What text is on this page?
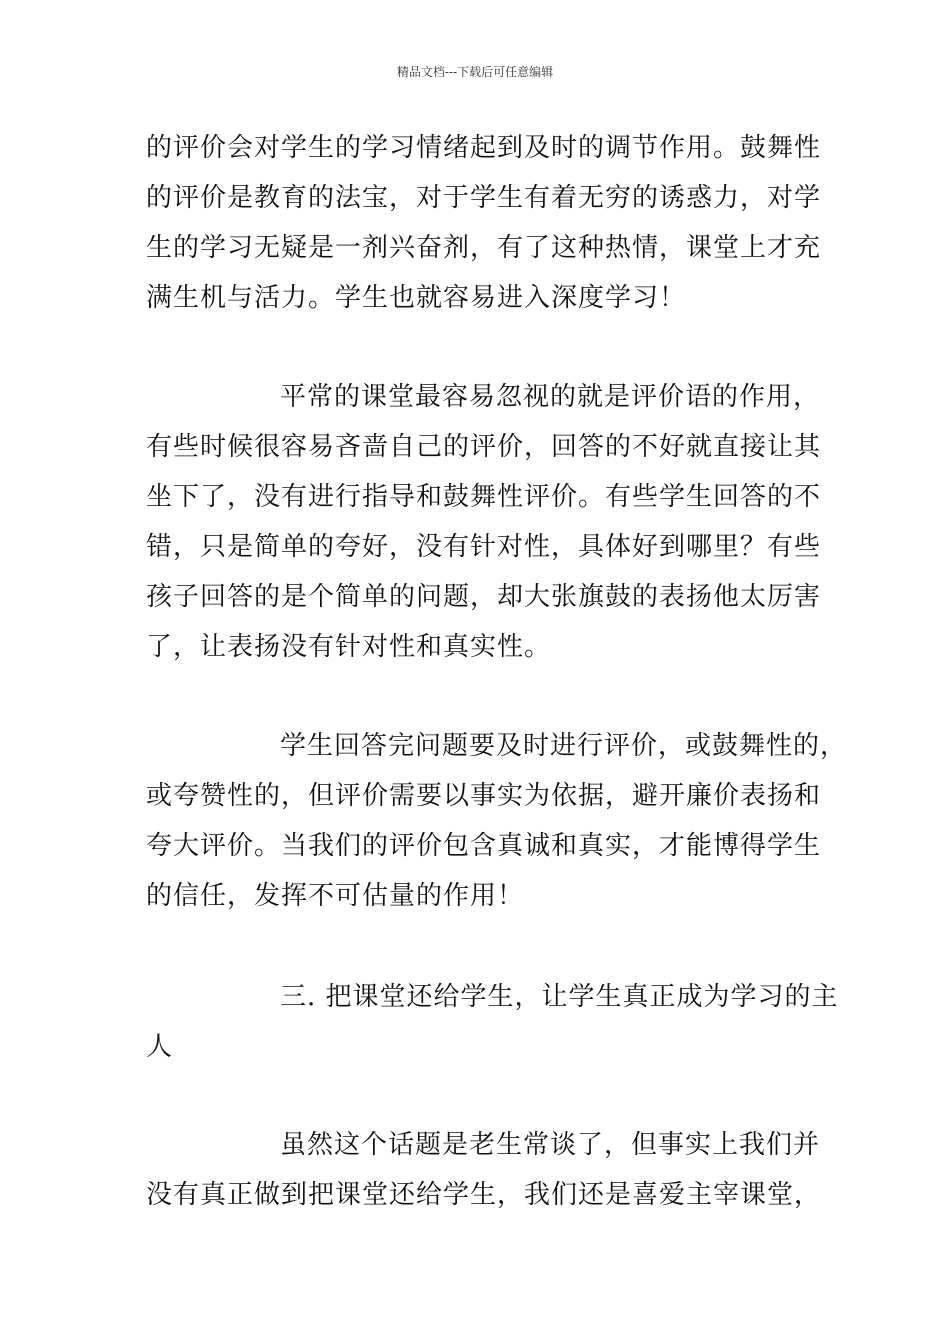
精品文档---下载后可任意编辑
的评价会对学生的学习情绪起到及时的调节作用。鼓舞性
的评价是教育的法宝，对于学生有着无穷的诱惑力，对学
生的学习无疑是一剂兴奋剂，有了这种热情，课堂上才充
满生机与活力。学生也就容易进入深度学习！
平常的课堂最容易忽视的就是评价语的作用，
有些时候很容易吝啬自己的评价，回答的不好就直接让其
坐下了，没有进行指导和鼓舞性评价。有些学生回答的不
错，只是简单的夸好，没有针对性，具体好到哪里？有些
孩子回答的是个简单的问题，却大张旗鼓的表扬他太厉害
了，让表扬没有针对性和真实性。
学生回答完问题要及时进行评价，或鼓舞性的，
或夸赞性的，但评价需要以事实为依据，避开廉价表扬和
夸大评价。当我们的评价包含真诚和真实，才能博得学生
的信任，发挥不可估量的作用！
三. 把课堂还给学生，让学生真正成为学习的主
人
虽然这个话题是老生常谈了，但事实上我们并
没有真正做到把课堂还给学生，我们还是喜爱主宰课堂，
